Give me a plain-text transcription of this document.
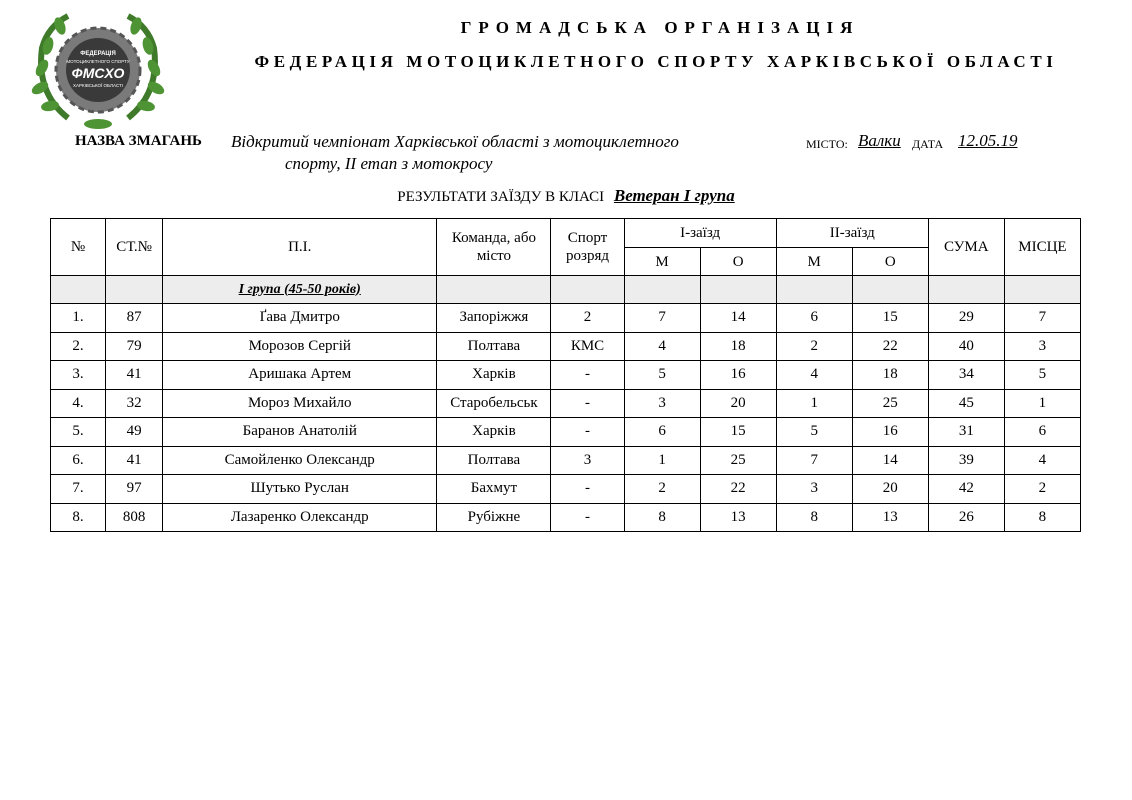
ФЕДЕРАЦІЯ
МОТОЦИКЛЕТНОГО СПОРТУ
ФМСХО
ХАРКІВСЬКОЇ ОБЛАСТІ
ГРОМАДСЬКА ОРГАНІЗАЦІЯ
ФЕДЕРАЦІЯ МОТОЦИКЛЕТНОГО СПОРТУ ХАРКІВСЬКОЇ ОБЛАСТІ
НАЗВА ЗМАГАНЬ Відкритий чемпіонат Харківської області з мотоциклетного
спорту, ІІ етап з мотокросу
МІСТО: Валки ДАТА 12.05.19
РЕЗУЛЬТАТИ ЗАЇЗДУ В КЛАСІ Ветеран І група
№	СТ.№	П.І.	Команда, або місто	Спорт розряд	І-заїзд		ІІ-заїзд		СУМА	МІСЦЕ
					М	О	М	О		
		І група (45-50 років)								
1.	87	Ґава Дмитро	Запоріжжя	2	7	14	6	15	29	7
2.	79	Морозов Сергій	Полтава	КМС	4	18	2	22	40	3
3.	41	Аришака Артем	Харків	-	5	16	4	18	34	5
4.	32	Мороз Михайло	Старобельськ	-	3	20	1	25	45	1
5.	49	Баранов Анатолій	Харків	-	6	15	5	16	31	6
6.	41	Самойленко Олександр	Полтава	3	1	25	7	14	39	4
7.	97	Шутько Руслан	Бахмут	-	2	22	3	20	42	2
8.	808	Лазаренко Олександр	Рубіжне	-	8	13	8	13	26	8
